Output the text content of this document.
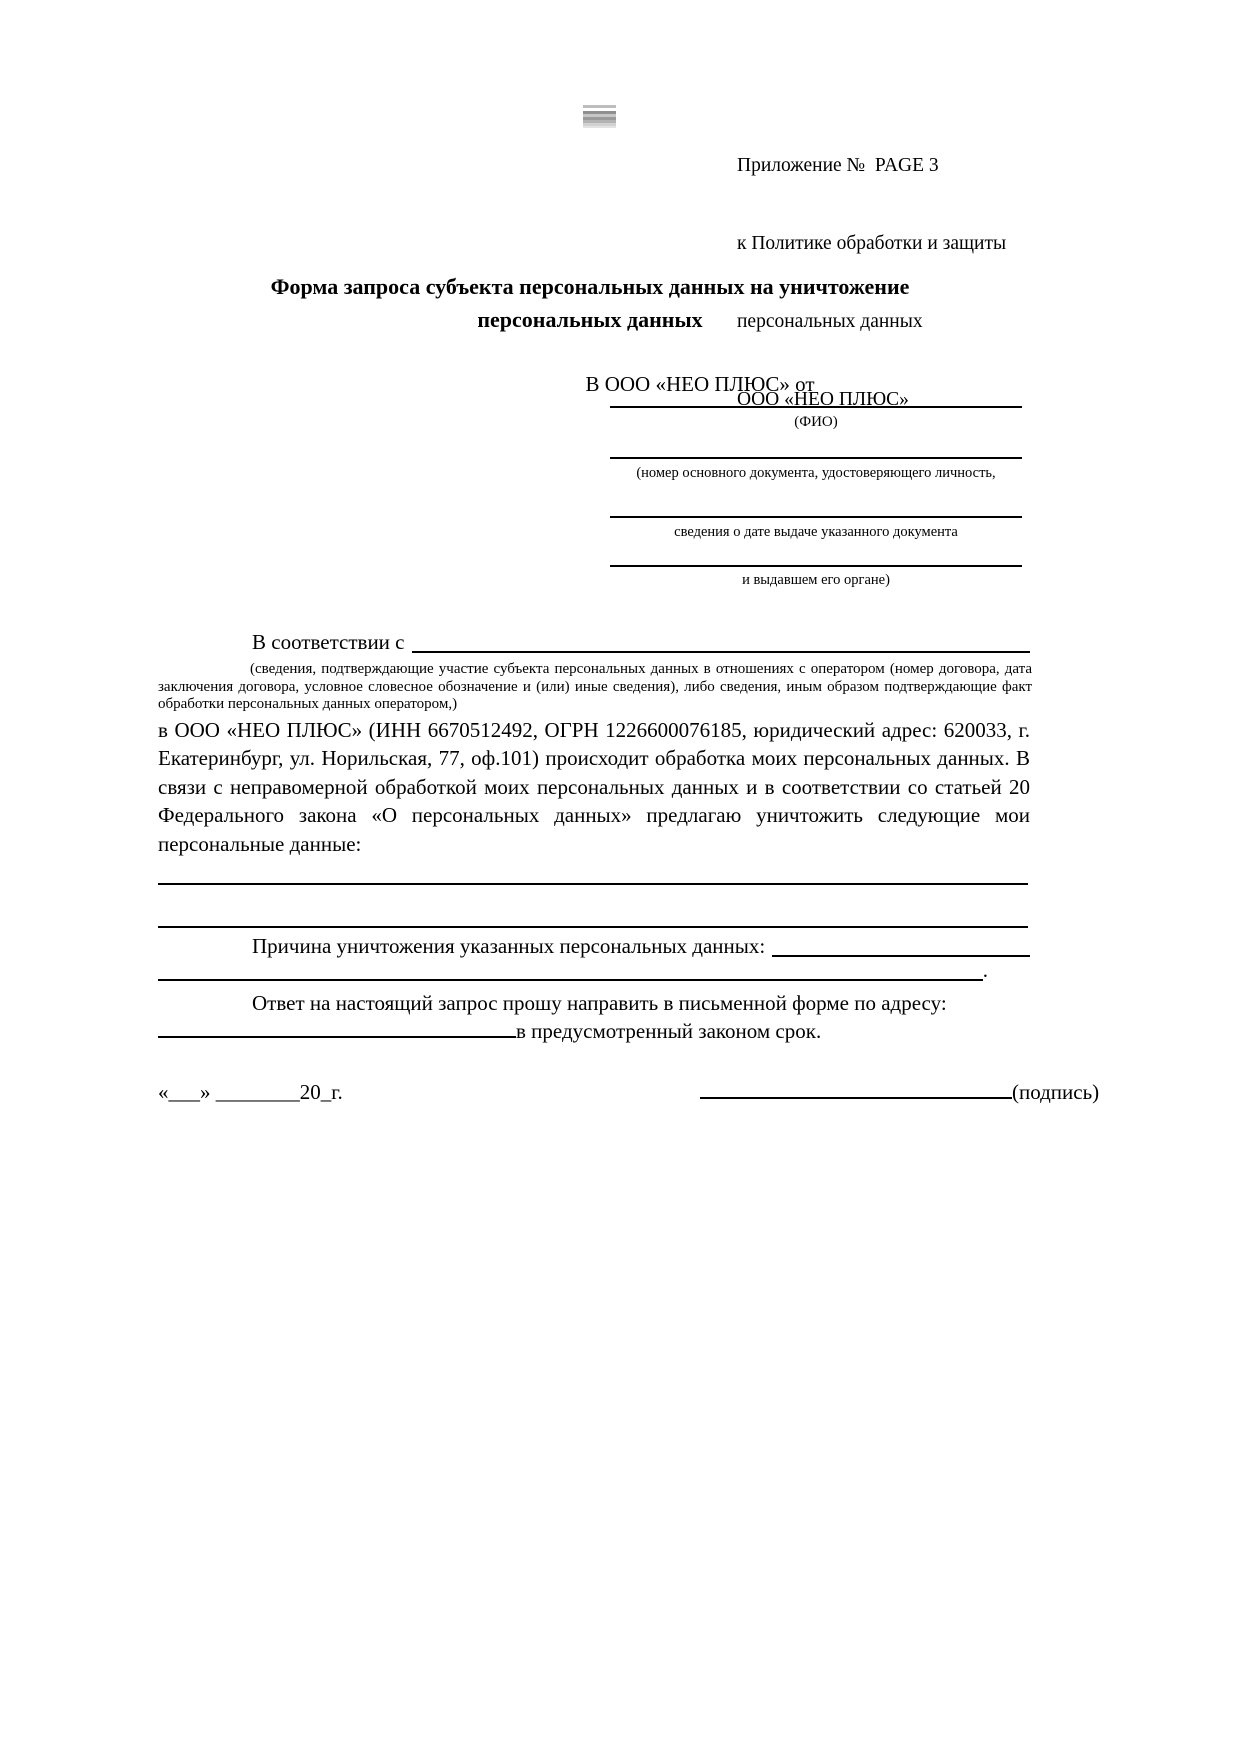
Приложение №  PAGE 3

к Политике обработки и защиты

персональных данных

ООО «НЕО ПЛЮС»

Форма запроса субъекта персональных данных на уничтожение
персональных данных
В ООО «НЕО ПЛЮС» от
(ФИО)
(номер основного документа, удостоверяющего личность,
сведения о дате выдаче указанного документа
и выдавшем его органе)
В соответствии с
(сведения, подтверждающие участие субъекта персональных данных в отношениях с оператором (номер договора, дата заключения договора, условное словесное обозначение и (или) иные сведения), либо сведения, иным образом подтверждающие факт обработки персональных данных оператором,)
в ООО «НЕО ПЛЮС» (ИНН 6670512492, ОГРН 1226600076185, юридический адрес: 620033, г. Екатеринбург, ул. Норильская, 77, оф.101) происходит обработка моих персональных данных. В связи с неправомерной обработкой моих персональных данных и в соответствии со статьей 20 Федерального закона «О персональных данных» предлагаю уничтожить следующие мои персональные данные:
Причина уничтожения указанных персональных данных:
.
Ответ на настоящий запрос прошу направить в письменной форме по адресу:
в предусмотренный законом срок.
«___» ________20_г.	(подпись)
